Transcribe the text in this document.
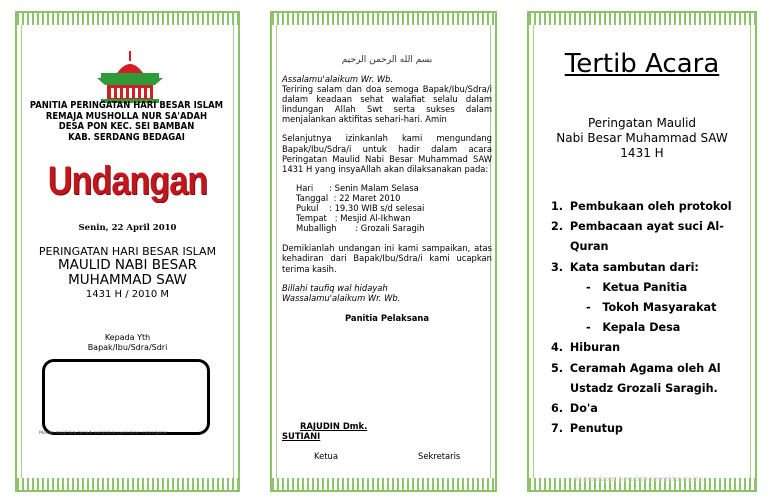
PANITIA PERINGATAN HARI BESAR ISLAM
REMAJA MUSHOLLA NUR SA'ADAH
DESA PON KEC. SEI BAMBAN
KAB. SERDANG BEDAGAI
Undangan
Senin, 22 April 2010
PERINGATAN HARI BESAR ISLAM
MAULID NABI BESAR
MUHAMMAD SAW
1431 H / 2010 M
Kepada Yth
Bapak/Ibu/Sdra/Sdri
Mohon maaf bila terjadi kesalahan penulisan nama/gelar
بسم الله الرحمن الرحيم

Assalamu'alaikum Wr. Wb.

Teriring salam dan doa semoga Bapak/Ibu/Sdra/i dalam keadaan sehat walafiat selalu dalam lindungan Allah Swt serta sukses dalam menjalankan aktifitas sehari-hari. Amin

Selanjutnya izinkanlah kami mengundang Bapak/Ibu/Sdra/i untuk hadir dalam acara Peringatan Maulid Nabi Besar Muhammad SAW 1431 H yang insyaAllah akan dilaksanakan pada:

Hari      : Senin Malam Selasa
Tanggal  : 22 Maret 2010
Pukul    : 19.30 WIB s/d selesai
Tempat   : Mesjid Al-Ikhwan
Muballigh       : Grozali Saragih

Demikianlah undangan ini kami sampaikan, atas kehadiran dari Bapak/Ibu/Sdra/i kami ucapkan terima kasih.

Billahi taufiq wal hidayah

Wassalamu'alaikum Wr. Wb.

Panitia Pelaksana

RAJUDIN Dmk.
SUTIANI
Ketua	Sekretaris
Tertib Acara
Peringatan Maulid
Nabi Besar Muhammad SAW
1431 H
1. Pembukaan oleh protokol
2. Pembacaan ayat suci Al-
Quran
3. Kata sambutan dari:
- Ketua Panitia
- Tokoh Masyarakat
- Kepala Desa
4. Hiburan
5. Ceramah Agama oleh Al
Ustadz Grozali Saragih.
6. Do'a
7. Penutup
Acara dapat berubah sewaktu-waktu
